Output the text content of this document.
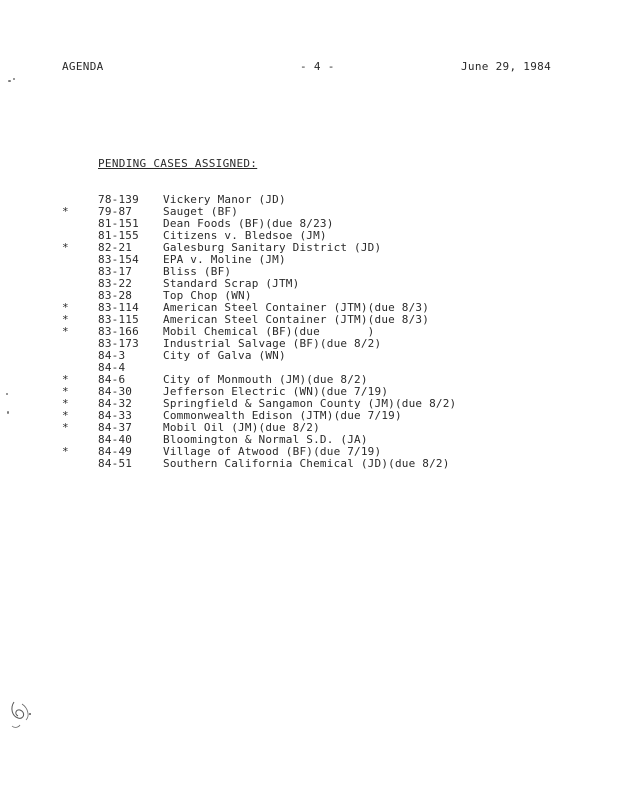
AGENDA	- 4 -	June 29, 1984
PENDING CASES ASSIGNED:
78-139 Vickery Manor (JD)
*	79-87	Sauget (BF)
81-151 Dean Foods (BF)(due 8/23)
81-155 Citizens v. Bledsoe (JM)
*	82-21	Galesburg Sanitary District (JD)
83-154 EPA v. Moline (JM)
83-17	Bliss (BF)
83-22	Standard Scrap (JTM)
83-28	Top Chop (WN)
*	83-114 American Steel Container (JTM)(due 8/3)
*	83-115 American Steel Container (JTM)(due 8/3)
*	83-166 Mobil Chemical (BF)(due       )
83-173 Industrial Salvage (BF)(due 8/2)
84-3	City of Galva (WN)
84-4
*	84-6	City of Monmouth (JM)(due 8/2)
*	84-30	Jefferson Electric (WN)(due 7/19)
*	84-32	Springfield & Sangamon County (JM)(due 8/2)
*	84-33	Commonwealth Edison (JTM)(due 7/19)
*	84-37	Mobil Oil (JM)(due 8/2)
84-40	Bloomington & Normal S.D. (JA)
*	84-49	Village of Atwood (BF)(due 7/19)
84-51	Southern California Chemical (JD)(due 8/2)
